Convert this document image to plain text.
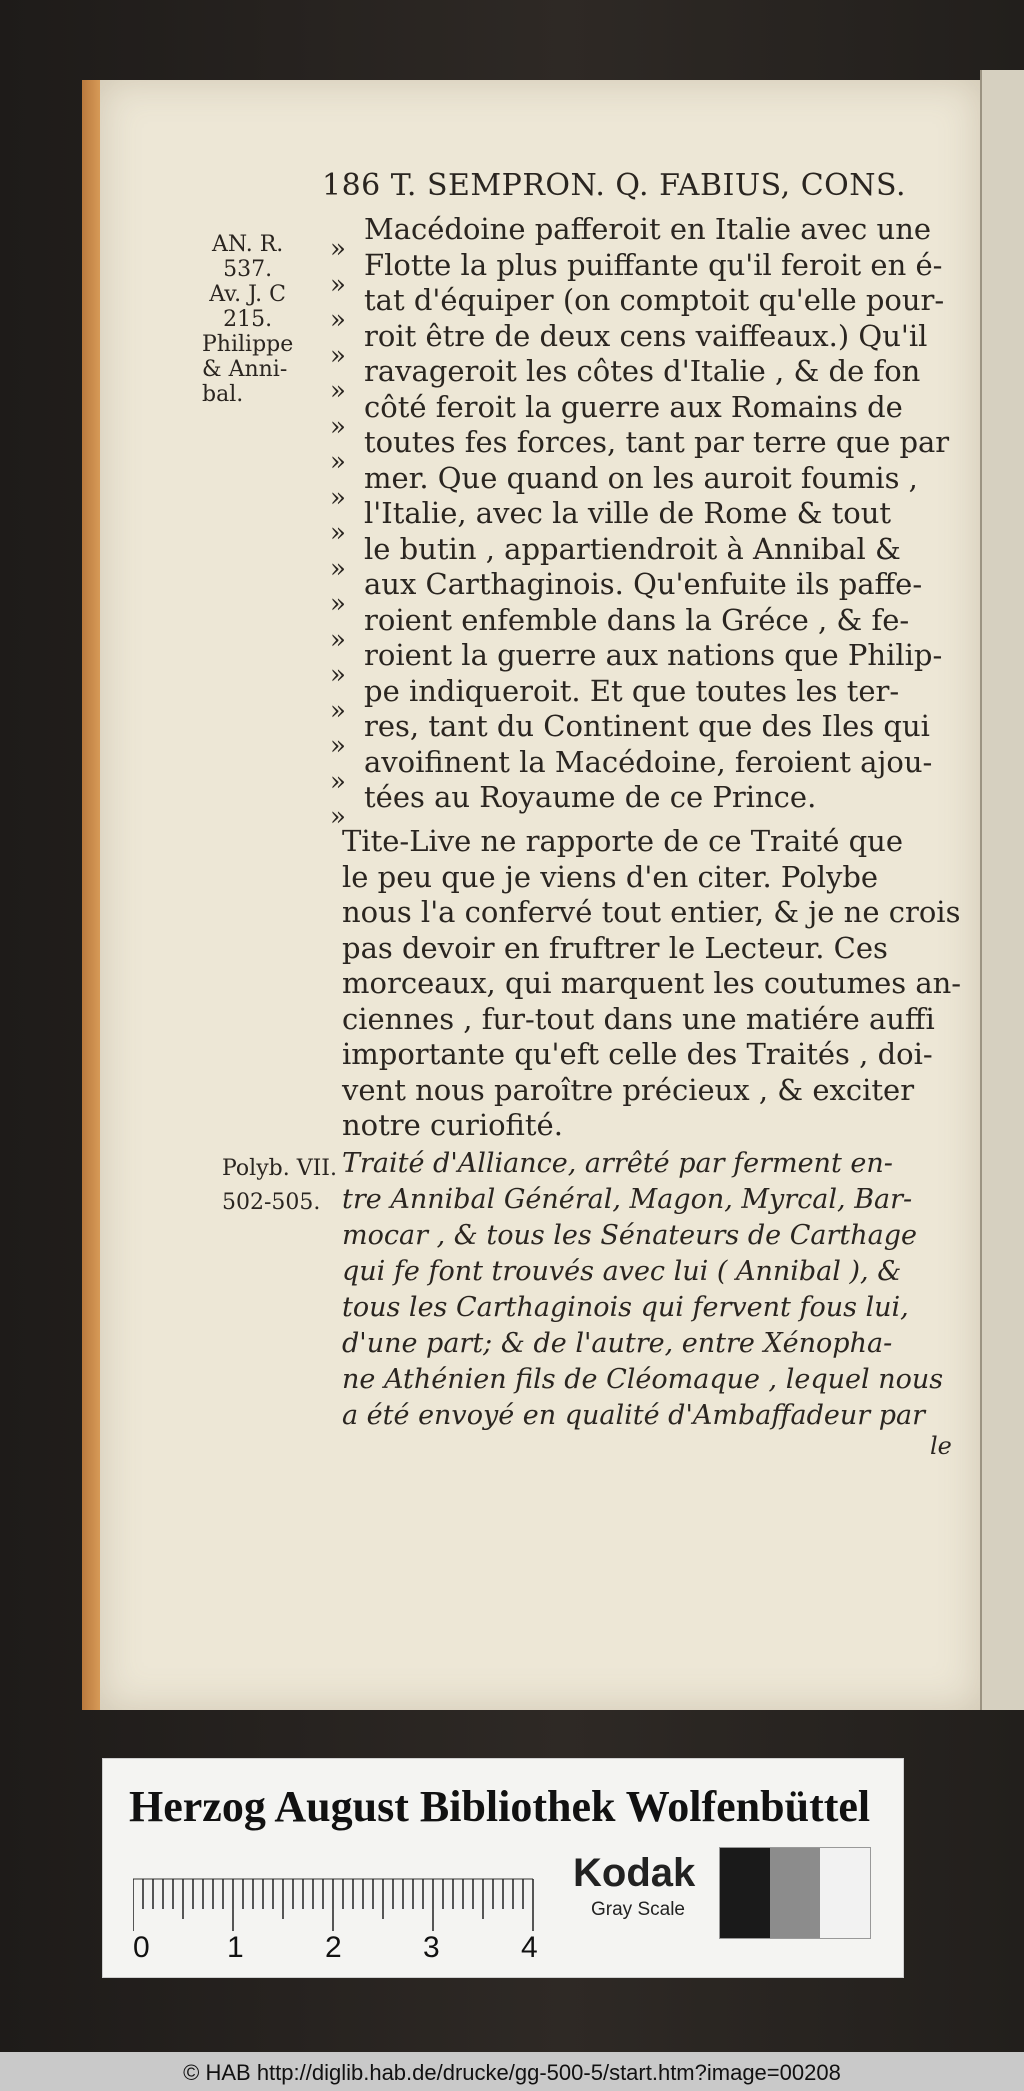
186 T. SEMPRON. Q. FABIUS, CONS.
AN. R.
537.
Av. J. C
215.
Philippe
& Anni-
bal.
»
»
»
»
»
»
»
»
»
»
»
»
»
»
»
»
»
Macédoine pafferoit en Italie avec une
Flotte la plus puiffante qu'il feroit en é-
tat d'équiper (on comptoit qu'elle pour-
roit être de deux cens vaiffeaux.) Qu'il
ravageroit les côtes d'Italie , & de fon
côté feroit la guerre aux Romains de
toutes fes forces, tant par terre que par
mer. Que quand on les auroit foumis ,
l'Italie, avec la ville de Rome & tout
le butin , appartiendroit à Annibal &
aux Carthaginois. Qu'enfuite ils paffe-
roient enfemble dans la Gréce , & fe-
roient la guerre aux nations que Philip-
pe indiqueroit. Et que toutes les ter-
res, tant du Continent que des Iles qui
avoifinent la Macédoine, feroient ajou-
tées au Royaume de ce Prince.
Tite-Live ne rapporte de ce Traité que
le peu que je viens d'en citer. Polybe
nous l'a confervé tout entier, & je ne crois
pas devoir en fruftrer le Lecteur. Ces
morceaux, qui marquent les coutumes an-
ciennes , fur-tout dans une matiére auffi
importante qu'eft celle des Traités , doi-
vent nous paroître précieux , & exciter
notre curiofité.
Polyb. VII.
502-505.
Traité d'Alliance, arrêté par ferment en-
tre Annibal Général, Magon, Myrcal, Bar-
mocar , & tous les Sénateurs de Carthage
qui fe font trouvés avec lui ( Annibal ), &
tous les Carthaginois qui fervent fous lui,
d'une part; & de l'autre, entre Xénopha-
ne Athénien fils de Cléomaque , lequel nous
a été envoyé en qualité d'Ambaffadeur par
le
Herzog August Bibliothek Wolfenbüttel
0	1	2	3	4
Kodak
Gray Scale
© HAB http://diglib.hab.de/drucke/gg-500-5/start.htm?image=00208
